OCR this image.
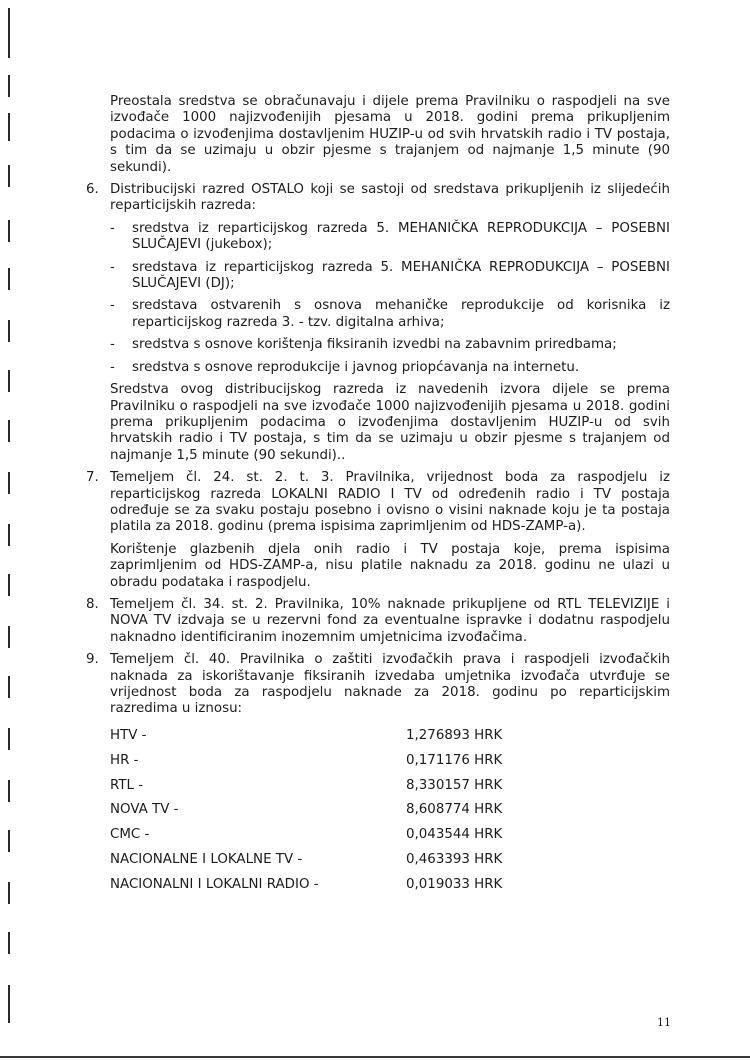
Preostala sredstva se obračunavaju i dijele prema Pravilniku o raspodjeli na sve izvođače 1000 najizvođenijih pjesama u 2018. godini prema prikupljenim podacima o izvođenjima dostavljenim HUZIP-u od svih hrvatskih radio i TV postaja, s tim da se uzimaju u obzir pjesme s trajanjem od najmanje 1,5 minute (90 sekundi).

6. Distribucijski razred OSTALO koji se sastoji od sredstava prikupljenih iz slijedećih reparticijskih razreda:
- sredstva iz reparticijskog razreda 5. MEHANIČKA REPRODUKCIJA – POSEBNI SLUČAJEVI (jukebox);
- sredstava iz reparticijskog razreda 5. MEHANIČKA REPRODUKCIJA – POSEBNI SLUČAJEVI (DJ);
- sredstava ostvarenih s osnova mehaničke reprodukcije od korisnika iz reparticijskog razreda 3. - tzv. digitalna arhiva;
- sredstva s osnove korištenja fiksiranih izvedbi na zabavnim priredbama;
- sredstva s osnove reprodukcije i javnog priopćavanja na internetu.

Sredstva ovog distribucijskog razreda iz navedenih izvora dijele se prema Pravilniku o raspodjeli na sve izvođače 1000 najizvođenijih pjesama u 2018. godini prema prikupljenim podacima o izvođenjima dostavljenim HUZIP-u od svih hrvatskih radio i TV postaja, s tim da se uzimaju u obzir pjesme s trajanjem od najmanje 1,5 minute (90 sekundi)..

7. Temeljem čl. 24. st. 2. t. 3. Pravilnika, vrijednost boda za raspodjelu iz reparticijskog razreda LOKALNI RADIO I TV od određenih radio i TV postaja određuje se za svaku postaju posebno i ovisno o visini naknade koju je ta postaja platila za 2018. godinu (prema ispisima zaprimljenim od HDS-ZAMP-a).

Korištenje glazbenih djela onih radio i TV postaja koje, prema ispisima zaprimljenim od HDS-ZAMP-a, nisu platile naknadu za 2018. godinu ne ulazi u obradu podataka i raspodjelu.

8. Temeljem čl. 34. st. 2. Pravilnika, 10% naknade prikupljene od RTL TELEVIZIJE i NOVA TV izdvaja se u rezervni fond za eventualne ispravke i dodatnu raspodjelu naknadno identificiranim inozemnim umjetnicima izvođačima.
9. Temeljem čl. 40. Pravilnika o zaštiti izvođačkih prava i raspodjeli izvođačkih naknada za iskorištavanje fiksiranih izvedaba umjetnika izvođača utvrđuje se vrijednost boda za raspodjelu naknade za 2018. godinu po reparticijskim razredima u iznosu:
HTV -	1,276893 HRK
HR -	0,171176 HRK
RTL -	8,330157 HRK
NOVA TV -	8,608774 HRK
CMC -	0,043544 HRK
NACIONALNE I LOKALNE TV -	0,463393 HRK
NACIONALNI I LOKALNI RADIO -	0,019033 HRK
11
